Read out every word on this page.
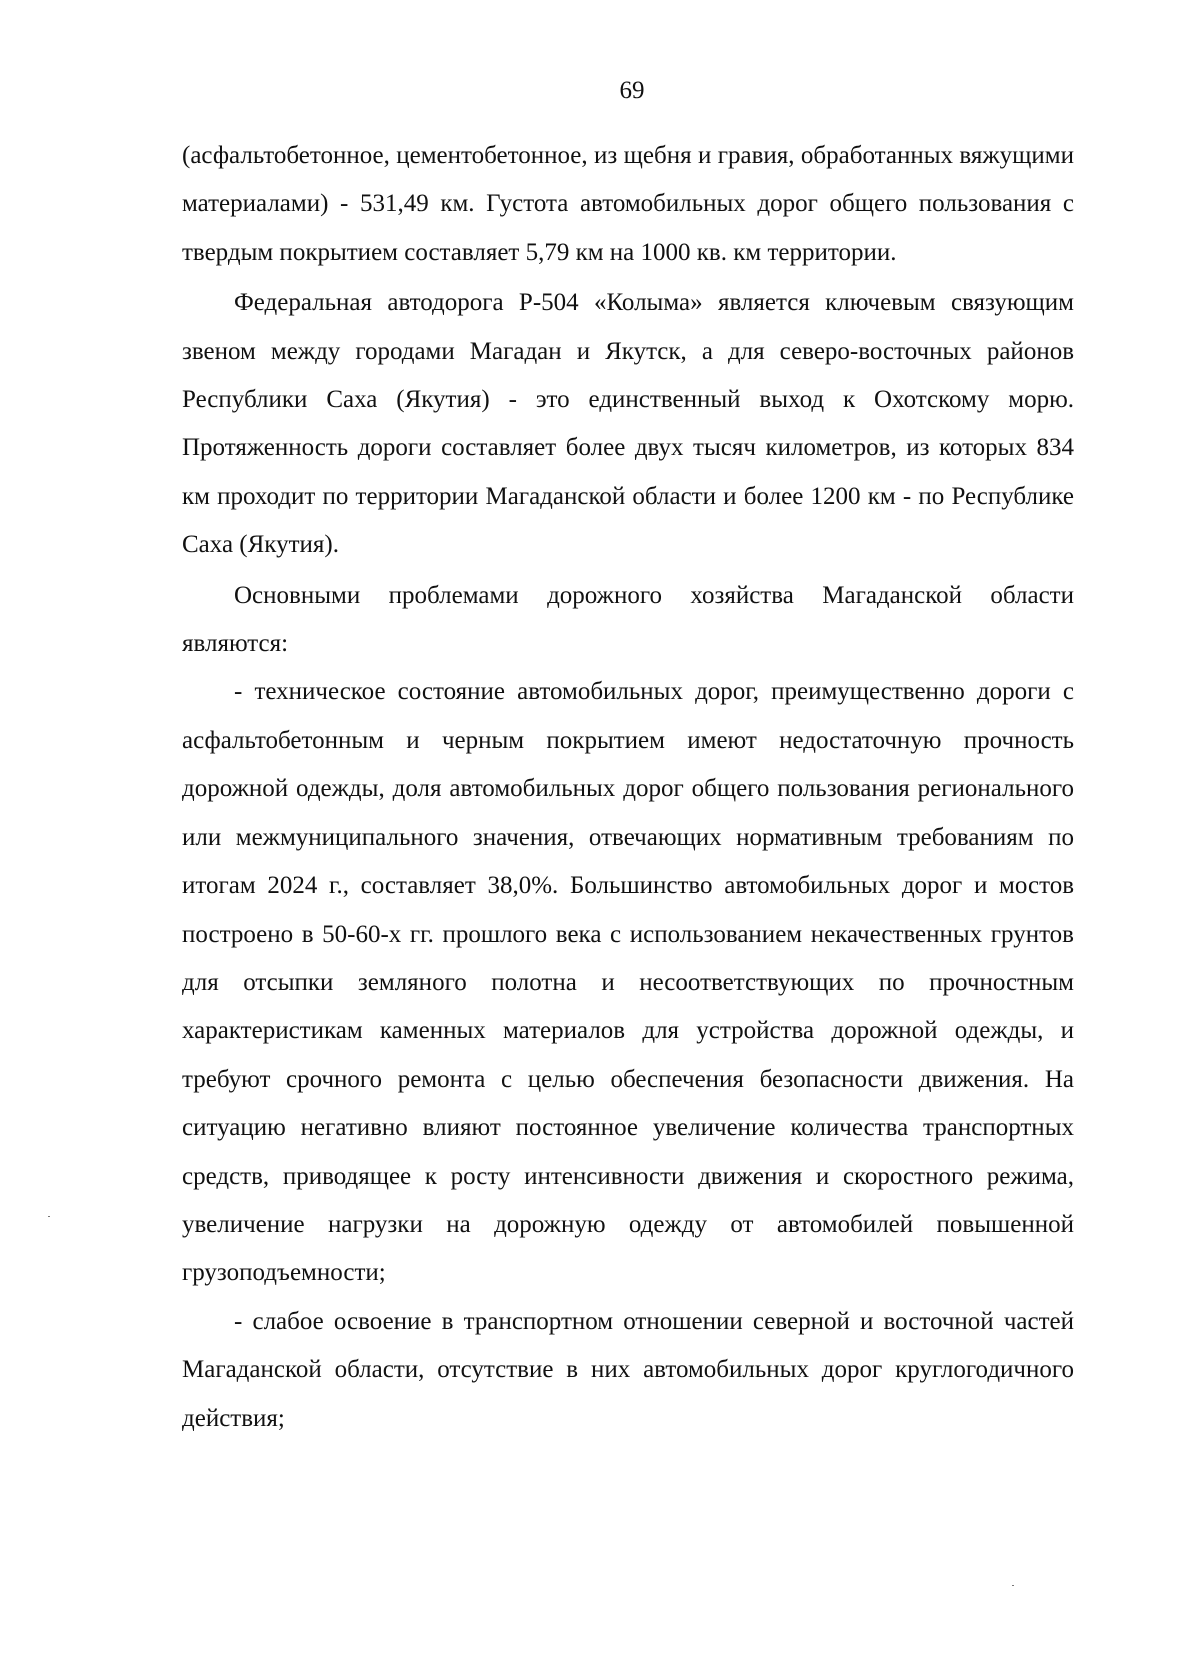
69

(асфальтобетонное, цементобетонное, из щебня и гравия, обработанных вяжущими материалами) - 531,49 км. Густота автомобильных дорог общего пользования с твердым покрытием составляет 5,79 км на 1000 кв. км территории.

Федеральная автодорога Р-504 «Колыма» является ключевым связующим звеном между городами Магадан и Якутск, а для северо-восточных районов Республики Саха (Якутия) - это единственный выход к Охотскому морю. Протяженность дороги составляет более двух тысяч километров, из которых 834 км проходит по территории Магаданской области и более 1200 км - по Республике Саха (Якутия).

Основными проблемами дорожного хозяйства Магаданской области являются:

- техническое состояние автомобильных дорог, преимущественно дороги с асфальтобетонным и черным покрытием имеют недостаточную прочность дорожной одежды, доля автомобильных дорог общего пользования регионального или межмуниципального значения, отвечающих нормативным требованиям по итогам 2024 г., составляет 38,0%. Большинство автомобильных дорог и мостов построено в 50-60-х гг. прошлого века с использованием некачественных грунтов для отсыпки земляного полотна и несоответствующих по прочностным характеристикам каменных материалов для устройства дорожной одежды, и требуют срочного ремонта с целью обеспечения безопасности движения. На ситуацию негативно влияют постоянное увеличение количества транспортных средств, приводящее к росту интенсивности движения и скоростного режима, увеличение нагрузки на дорожную одежду от автомобилей повышенной грузоподъемности;

- слабое освоение в транспортном отношении северной и восточной частей Магаданской области, отсутствие в них автомобильных дорог круглогодичного действия;
